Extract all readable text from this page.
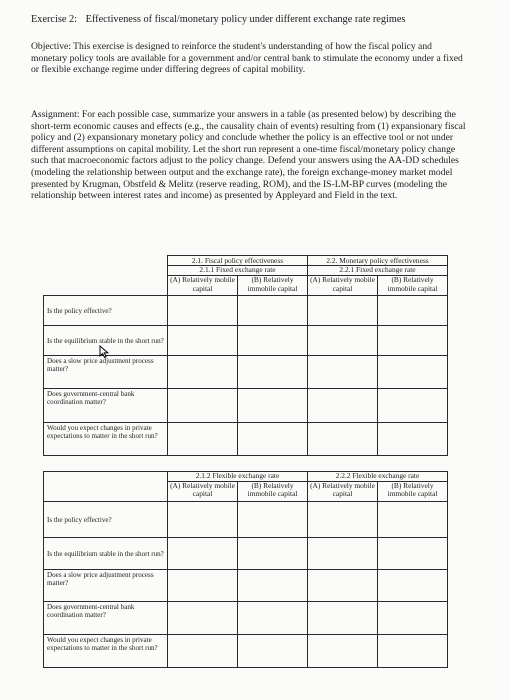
Exercise 2: Effectiveness of fiscal/monetary policy under different exchange rate regimes
Objective: This exercise is designed to reinforce the student's understanding of how the fiscal policy and monetary policy tools are available for a government and/or central bank to stimulate the economy under a fixed or flexible exchange regime under differing degrees of capital mobility.
Assignment: For each possible case, summarize your answers in a table (as presented below) by describing the short-term economic causes and effects (e.g., the causality chain of events) resulting from (1) expansionary fiscal policy and (2) expansionary monetary policy and conclude whether the policy is an effective tool or not under different assumptions on capital mobility. Let the short run represent a one-time fiscal/monetary policy change such that macroeconomic factors adjust to the policy change. Defend your answers using the AA-DD schedules (modeling the relationship between output and the exchange rate), the foreign exchange-money market model presented by Krugman, Obstfeld & Melitz (reserve reading, ROM), and the IS-LM-BP curves (modeling the relationship between interest rates and income) as presented by Appleyard and Field in the text.
	2.1. Fiscal policy effectiveness		2.2. Monetary policy effectiveness	
	2.1.1 Fixed exchange rate		2.2.1 Fixed exchange rate	
	(A) Relatively mobile capital	(B) Relatively immobile capital	(A) Relatively mobile capital	(B) Relatively immobile capital
Is the policy effective?				
Is the equilibrium stable in the short run?				
Does a slow price adjustment process matter?				
Does government-central bank coordination matter?				
Would you expect changes in private expectations to matter in the short run?				
	2.1.2 Flexible exchange rate		2.2.2 Flexible exchange rate	
	(A) Relatively mobile capital	(B) Relatively immobile capital	(A) Relatively mobile capital	(B) Relatively immobile capital
Is the policy effective?				
Is the equilibrium stable in the short run?				
Does a slow price adjustment process matter?				
Does government-central bank coordination matter?				
Would you expect changes in private expectations to matter in the short run?				
